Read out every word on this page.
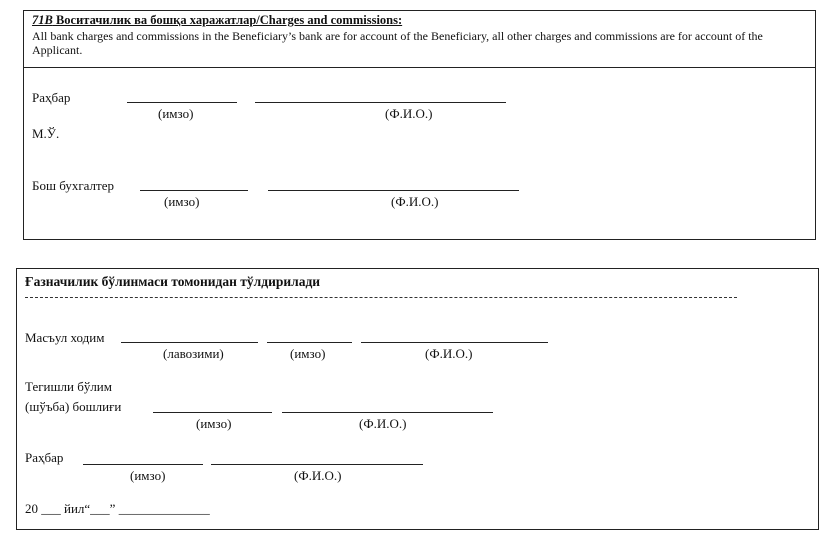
71B Воситачилик ва бошқа харажатлар/Charges and commissions:
All bank charges and commissions in the Beneficiary’s bank are for account of the Beneficiary, all other charges and commissions are for account of the Applicant.
Раҳбар
(имзо)	(Ф.И.О.)
М.Ў.
Бош бухгалтер
(имзо)	(Ф.И.О.)
Ғазначилик бўлинмаси томонидан тўлдирилади
Масъул ходим
(лавозими)	(имзо)	(Ф.И.О.)
Тегишли бўлим
(шўъба) бошлиғи
(имзо)	(Ф.И.О.)
Раҳбар
(имзо)	(Ф.И.О.)
20 ___ йил“___” ______________
